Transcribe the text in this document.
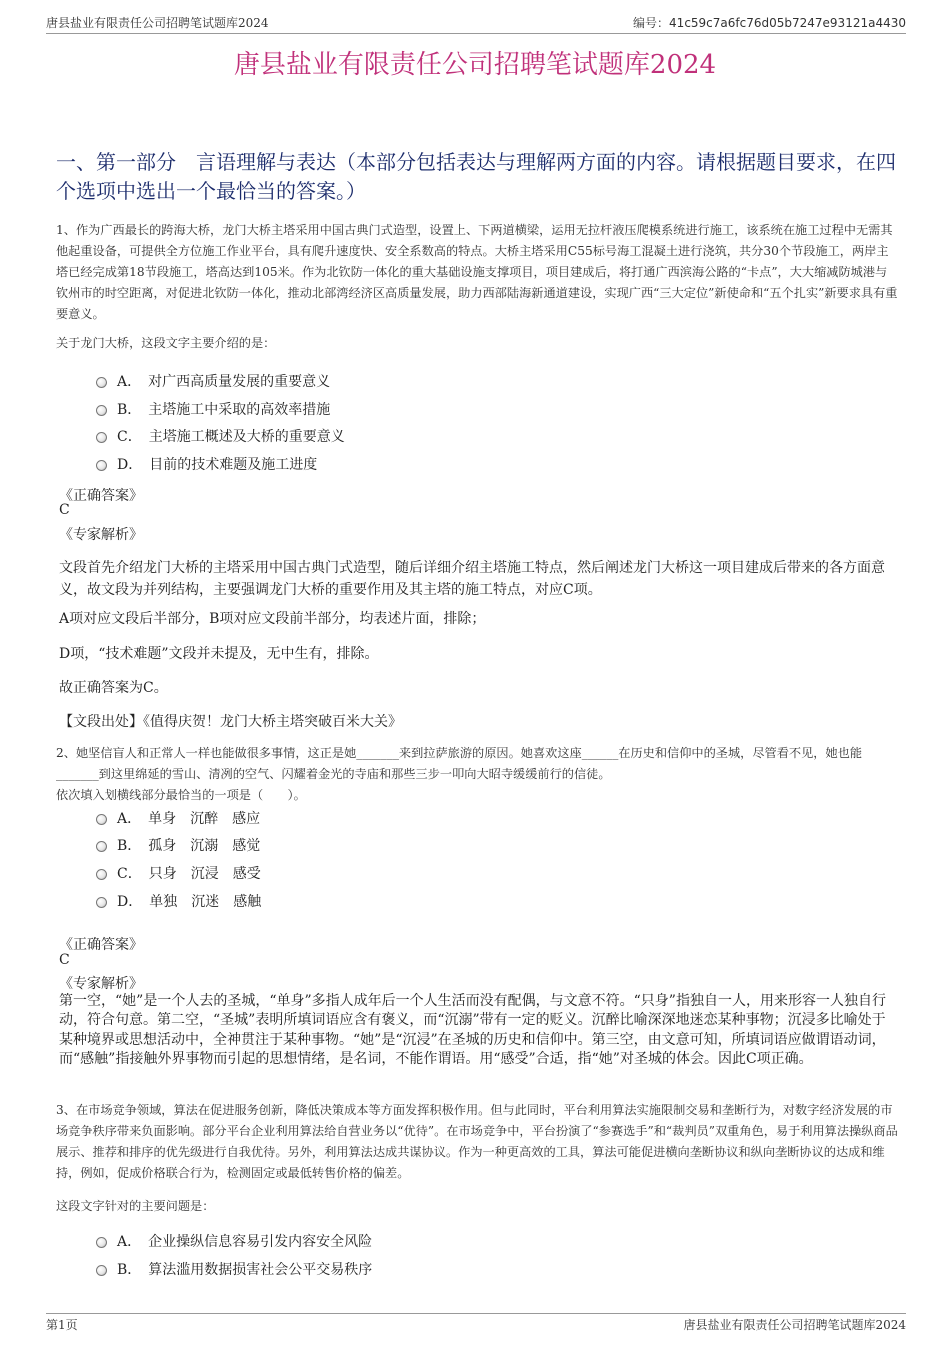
唐县盐业有限责任公司招聘笔试题库2024	编号：41c59c7a6fc76d05b7247e93121a4430
唐县盐业有限责任公司招聘笔试题库2024
一、第一部分　言语理解与表达（本部分包括表达与理解两方面的内容。请根据题目要求，在四个选项中选出一个最恰当的答案。）
1、作为广西最长的跨海大桥，龙门大桥主塔采用中国古典门式造型，设置上、下两道横梁，运用无拉杆液压爬模系统进行施工，该系统在施工过程中无需其他起重设备，可提供全方位施工作业平台，具有爬升速度快、安全系数高的特点。大桥主塔采用C55标号海工混凝土进行浇筑，共分30个节段施工，两岸主塔已经完成第18节段施工，塔高达到105米。作为北钦防一体化的重大基础设施支撑项目，项目建成后，将打通广西滨海公路的“卡点”，大大缩减防城港与钦州市的时空距离，对促进北钦防一体化，推动北部湾经济区高质量发展，助力西部陆海新通道建设，实现广西“三大定位”新使命和“五个扎实”新要求具有重要意义。
关于龙门大桥，这段文字主要介绍的是：
A．　对广西高质量发展的重要意义
B．　主塔施工中采取的高效率措施
C．　主塔施工概述及大桥的重要意义
D．　目前的技术难题及施工进度
《正确答案》
C
《专家解析》
文段首先介绍龙门大桥的主塔采用中国古典门式造型，随后详细介绍主塔施工特点，然后阐述龙门大桥这一项目建成后带来的各方面意义，故文段为并列结构，主要强调龙门大桥的重要作用及其主塔的施工特点，对应C项。
A项对应文段后半部分，B项对应文段前半部分，均表述片面，排除；
D项，“技术难题”文段并未提及，无中生有，排除。
故正确答案为C。
【文段出处】《值得庆贺！龙门大桥主塔突破百米大关》
2、她坚信盲人和正常人一样也能做很多事情，这正是她_______来到拉萨旅游的原因。她喜欢这座______在历史和信仰中的圣城，尽管看不见，她也能_______到这里绵延的雪山、清冽的空气、闪耀着金光的寺庙和那些三步一叩向大昭寺缓缓前行的信徒。
依次填入划横线部分最恰当的一项是（　　）。
A．　单身　沉醉　感应
B．　孤身　沉溺　感觉
C．　只身　沉浸　感受
D．　单独　沉迷　感触
《正确答案》
C
《专家解析》
第一空，“她”是一个人去的圣城，“单身”多指人成年后一个人生活而没有配偶，与文意不符。“只身”指独自一人，用来形容一人独自行动，符合句意。第二空，“圣城”表明所填词语应含有褒义，而“沉溺”带有一定的贬义。沉醉比喻深深地迷恋某种事物；沉浸多比喻处于某种境界或思想活动中，全神贯注于某种事物。“她”是“沉浸”在圣城的历史和信仰中。第三空，由文意可知，所填词语应做谓语动词，而“感触”指接触外界事物而引起的思想情绪，是名词，不能作谓语。用“感受”合适，指“她”对圣城的体会。因此C项正确。
3、在市场竞争领域，算法在促进服务创新，降低决策成本等方面发挥积极作用。但与此同时，平台利用算法实施限制交易和垄断行为，对数字经济发展的市场竞争秩序带来负面影响。部分平台企业利用算法给自营业务以“优待”。在市场竞争中，平台扮演了“参赛选手”和“裁判员”双重角色，易于利用算法操纵商品展示、推荐和排序的优先级进行自我优待。另外，利用算法达成共谋协议。作为一种更高效的工具，算法可能促进横向垄断协议和纵向垄断协议的达成和维持，例如，促成价格联合行为，检测固定或最低转售价格的偏差。
这段文字针对的主要问题是：
A．　企业操纵信息容易引发内容安全风险
B．　算法滥用数据损害社会公平交易秩序
第1页	唐县盐业有限责任公司招聘笔试题库2024
